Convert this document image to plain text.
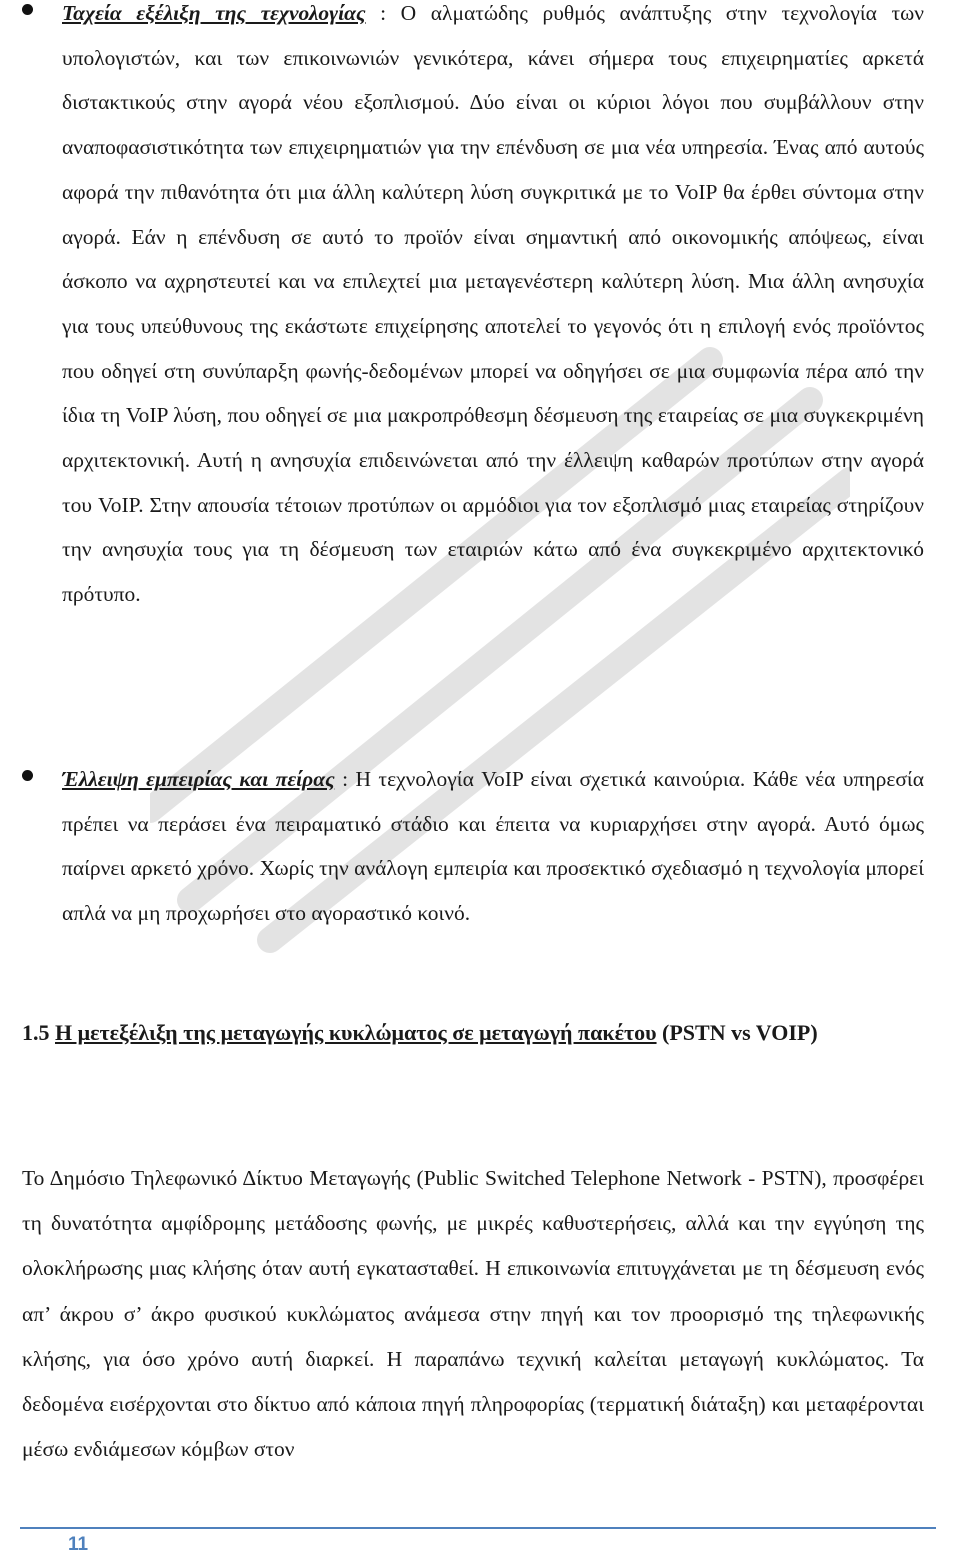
Ταχεία εξέλιξη της τεχνολογίας : Ο αλματώδης ρυθμός ανάπτυξης στην τεχνολογία των υπολογιστών, και των επικοινωνιών γενικότερα, κάνει σήμερα τους επιχειρηματίες αρκετά διστακτικούς στην αγορά νέου εξοπλισμού. Δύο είναι οι κύριοι λόγοι που συμβάλλουν στην αναποφασιστικότητα των επιχειρηματιών για την επένδυση σε μια νέα υπηρεσία. Ένας από αυτούς αφορά την πιθανότητα ότι μια άλλη καλύτερη λύση συγκριτικά με το VoIP θα έρθει σύντομα στην αγορά. Εάν η επένδυση σε αυτό το προϊόν είναι σημαντική από οικονομικής απόψεως, είναι άσκοπο να αχρηστευτεί και να επιλεχτεί μια μεταγενέστερη καλύτερη λύση. Μια άλλη ανησυχία για τους υπεύθυνους της εκάστωτε επιχείρησης αποτελεί το γεγονός ότι η επιλογή ενός προϊόντος που οδηγεί στη συνύπαρξη φωνής-δεδομένων μπορεί να οδηγήσει σε μια συμφωνία πέρα από την ίδια τη VoIP λύση, που οδηγεί σε μια μακροπρόθεσμη δέσμευση της εταιρείας σε μια συγκεκριμένη αρχιτεκτονική. Αυτή η ανησυχία επιδεινώνεται από την έλλειψη καθαρών προτύπων στην αγορά του VoIP. Στην απουσία τέτοιων προτύπων οι αρμόδιοι για τον εξοπλισμό μιας εταιρείας στηρίζουν την ανησυχία τους για τη δέσμευση των εταιριών κάτω από ένα συγκεκριμένο αρχιτεκτονικό πρότυπο.
Έλλειψη εμπειρίας και πείρας : Η τεχνολογία VoIP είναι σχετικά καινούρια. Κάθε νέα υπηρεσία πρέπει να περάσει ένα πειραματικό στάδιο και έπειτα να κυριαρχήσει στην αγορά. Αυτό όμως παίρνει αρκετό χρόνο. Χωρίς την ανάλογη εμπειρία και προσεκτικό σχεδιασμό η τεχνολογία μπορεί απλά να μη προχωρήσει στο αγοραστικό κοινό.
1.5 Η μετεξέλιξη της μεταγωγής κυκλώματος σε μεταγωγή πακέτου (PSTN vs VOIP)
Το Δημόσιο Τηλεφωνικό Δίκτυο Μεταγωγής (Public Switched Telephone Network - PSTN), προσφέρει τη δυνατότητα αμφίδρομης μετάδοσης φωνής, με μικρές καθυστερήσεις, αλλά και την εγγύηση της ολοκλήρωσης μιας κλήσης όταν αυτή εγκατασταθεί. Η επικοινωνία επιτυγχάνεται με τη δέσμευση ενός απ’ άκρου σ’ άκρο φυσικού κυκλώματος ανάμεσα στην πηγή και τον προορισμό της τηλεφωνικής κλήσης, για όσο χρόνο αυτή διαρκεί. Η παραπάνω τεχνική καλείται μεταγωγή κυκλώματος. Τα δεδομένα εισέρχονται στο δίκτυο από κάποια πηγή πληροφορίας (τερματική διάταξη) και μεταφέρονται μέσω ενδιάμεσων κόμβων στον
11
